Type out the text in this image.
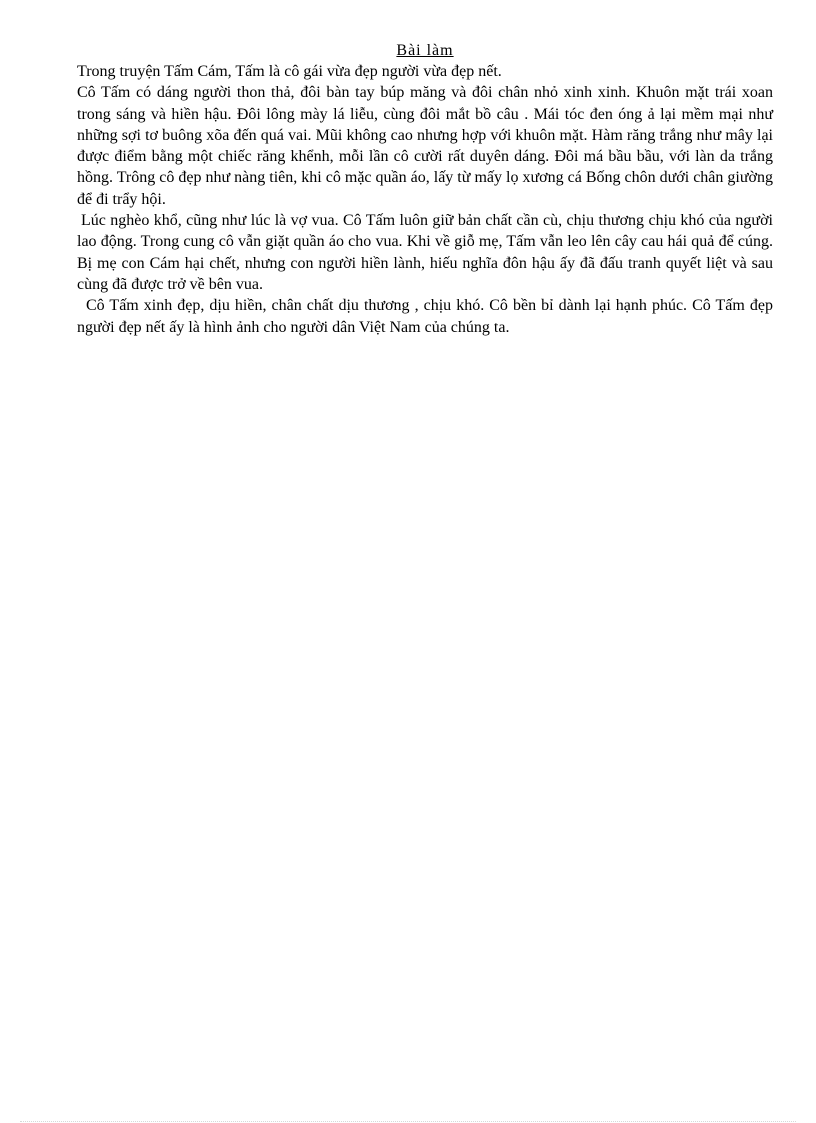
Bài làm

Trong truyện Tấm Cám, Tấm là cô gái vừa đẹp người vừa đẹp nết.

Cô Tấm có dáng người thon thả, đôi bàn tay búp măng và đôi chân nhỏ xinh xinh. Khuôn mặt trái xoan trong sáng và hiền hậu. Đôi lông mày lá liễu, cùng đôi mắt bồ câu . Mái tóc đen óng ả lại mềm mại như những sợi tơ buông xõa đến quá vai. Mũi không cao nhưng hợp với khuôn mặt. Hàm răng trắng như mây lại được điểm bằng một chiếc răng khểnh, mỗi lần cô cười rất duyên dáng. Đôi má bầu bầu, với làn da trắng hồng. Trông cô đẹp như nàng tiên, khi cô mặc quần áo, lấy từ mấy lọ xương cá Bống chôn dưới chân giường để đi trẩy hội.

Lúc nghèo khổ, cũng như lúc là vợ vua. Cô Tấm luôn giữ bản chất cần cù, chịu thương chịu khó của người lao động. Trong cung cô vẫn giặt quần áo cho vua. Khi về giỗ mẹ, Tấm vẫn leo lên cây cau hái quả để cúng. Bị mẹ con Cám hại chết, nhưng con người hiền lành, hiếu nghĩa đôn hậu ấy đã đấu tranh quyết liệt và sau cùng đã được trở về bên vua.

Cô Tấm xinh đẹp, dịu hiền, chân chất dịu thương , chịu khó. Cô bền bỉ dành lại hạnh phúc. Cô Tấm đẹp người đẹp nết ấy là hình ảnh cho người dân Việt Nam của chúng ta.
